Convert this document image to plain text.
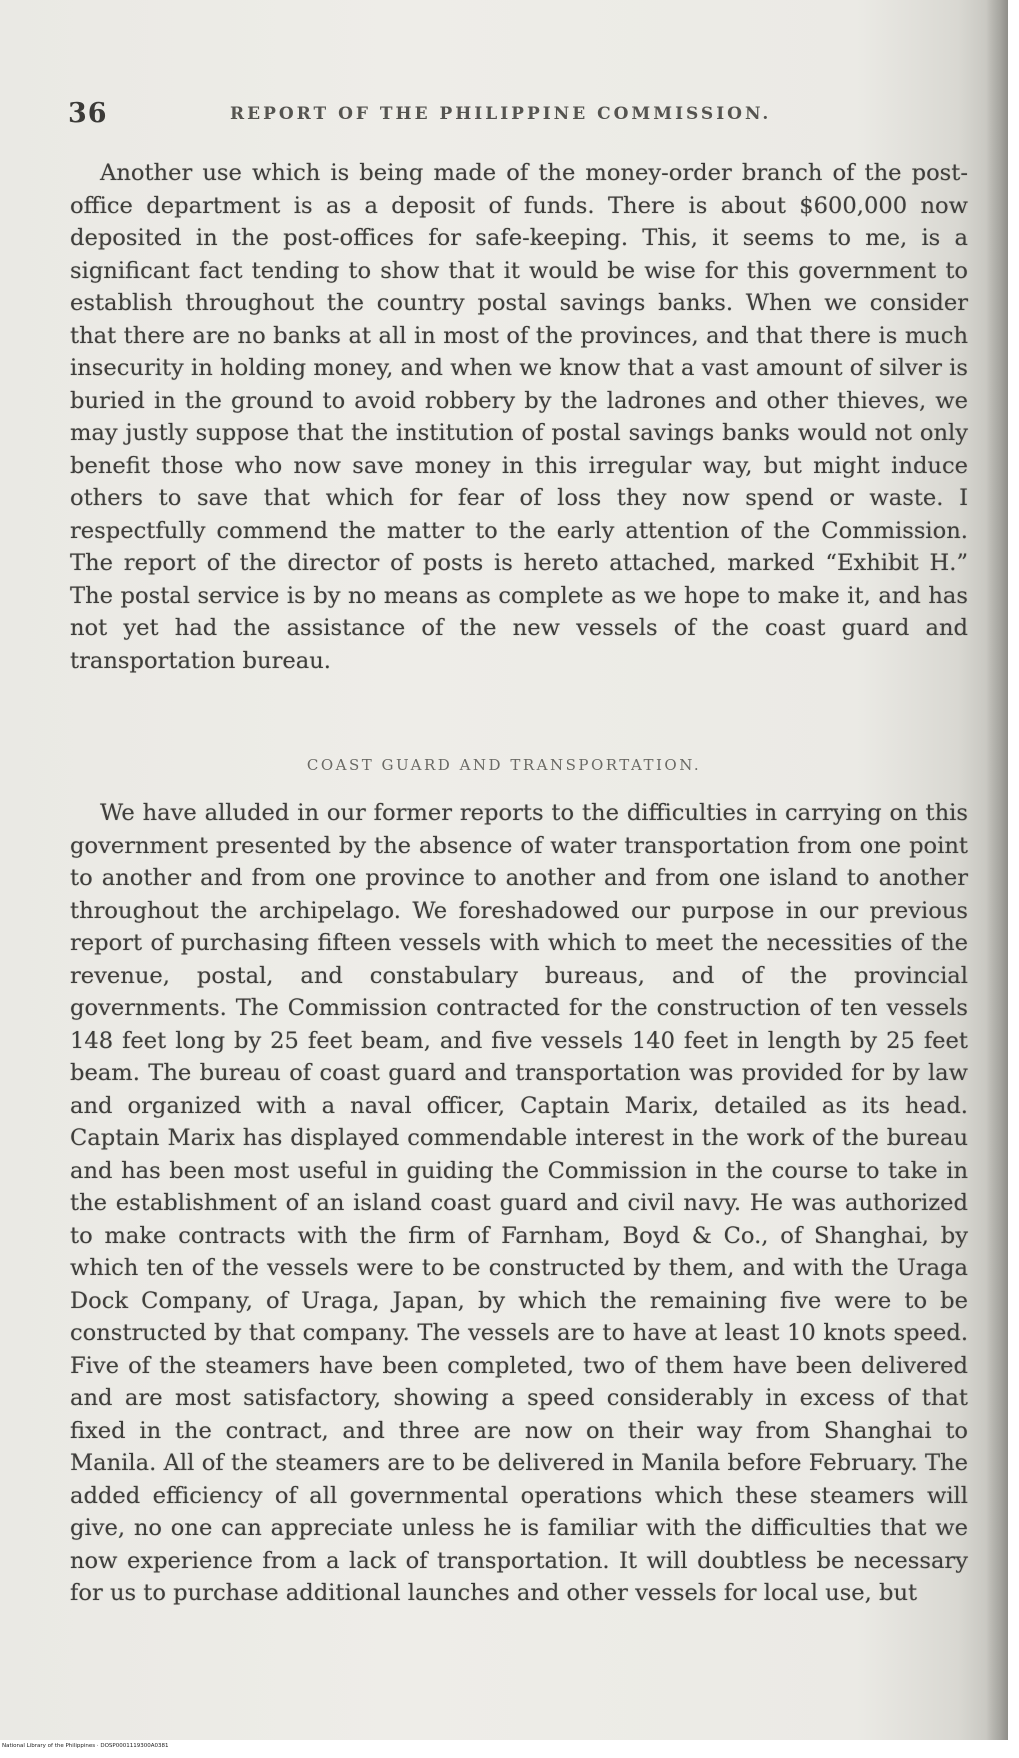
36	REPORT OF THE PHILIPPINE COMMISSION.

Another use which is being made of the money-order branch of the post-office department is as a deposit of funds. There is about $600,000 now deposited in the post-offices for safe-keeping. This, it seems to me, is a significant fact tending to show that it would be wise for this government to establish throughout the country postal savings banks. When we consider that there are no banks at all in most of the provinces, and that there is much insecurity in holding money, and when we know that a vast amount of silver is buried in the ground to avoid robbery by the ladrones and other thieves, we may justly suppose that the institution of postal savings banks would not only benefit those who now save money in this irregular way, but might induce others to save that which for fear of loss they now spend or waste. I respectfully commend the matter to the early attention of the Commission. The report of the director of posts is hereto attached, marked “Exhibit H.” The postal service is by no means as complete as we hope to make it, and has not yet had the assistance of the new vessels of the coast guard and transportation bureau.

COAST GUARD AND TRANSPORTATION.

We have alluded in our former reports to the difficulties in carrying on this government presented by the absence of water transportation from one point to another and from one province to another and from one island to another throughout the archipelago. We foreshadowed our purpose in our previous report of purchasing fifteen vessels with which to meet the necessities of the revenue, postal, and constabulary bureaus, and of the provincial governments. The Commission contracted for the construction of ten vessels 148 feet long by 25 feet beam, and five vessels 140 feet in length by 25 feet beam. The bureau of coast guard and transportation was provided for by law and organized with a naval officer, Captain Marix, detailed as its head. Captain Marix has displayed commendable interest in the work of the bureau and has been most useful in guiding the Commission in the course to take in the establishment of an island coast guard and civil navy. He was authorized to make contracts with the firm of Farnham, Boyd & Co., of Shanghai, by which ten of the vessels were to be constructed by them, and with the Uraga Dock Company, of Uraga, Japan, by which the remaining five were to be constructed by that company. The vessels are to have at least 10 knots speed. Five of the steamers have been completed, two of them have been delivered and are most satisfactory, showing a speed considerably in excess of that fixed in the contract, and three are now on their way from Shanghai to Manila. All of the steamers are to be delivered in Manila before February. The added efficiency of all governmental operations which these steamers will give, no one can appreciate unless he is familiar with the difficulties that we now experience from a lack of transportation. It will doubtless be necessary for us to purchase additional launches and other vessels for local use, but

National Library of the Philippines · DOSP0001119300A0381
